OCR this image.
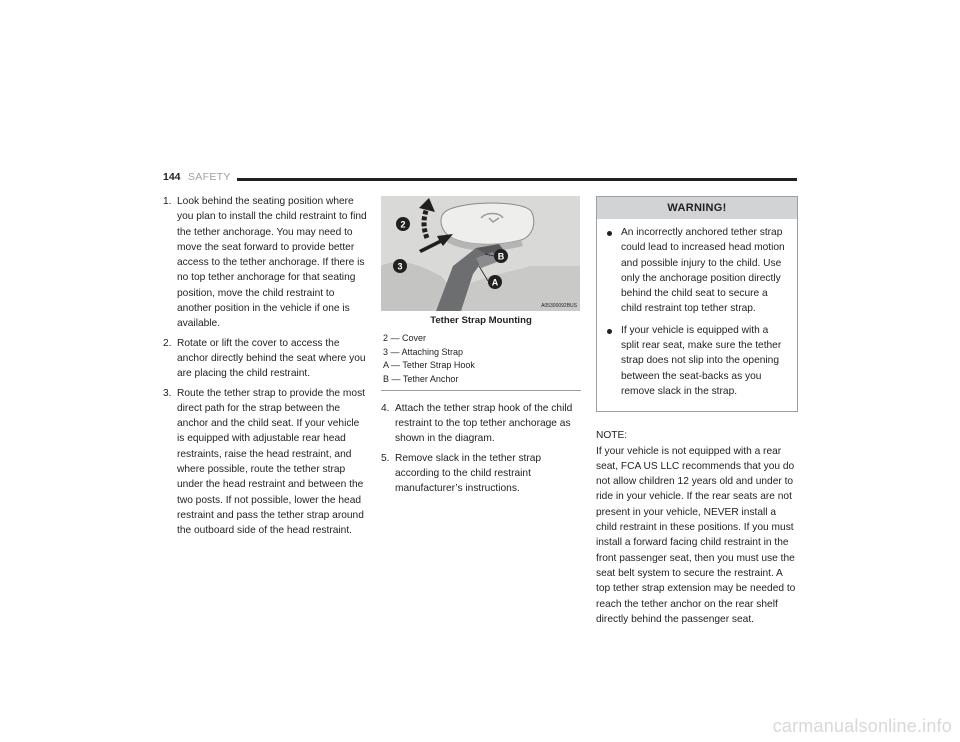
144 SAFETY
1. Look behind the seating position where you plan to install the child restraint to find the tether anchorage. You may need to move the seat forward to provide better access to the tether anchorage. If there is no top tether anchorage for that seating position, move the child restraint to another position in the vehicle if one is available.
2. Rotate or lift the cover to access the anchor directly behind the seat where you are placing the child restraint.
3. Route the tether strap to provide the most direct path for the strap between the anchor and the child seat. If your vehicle is equipped with adjustable rear head restraints, raise the head restraint, and where possible, route the tether strap under the head restraint and between the two posts. If not possible, lower the head restraint and pass the tether strap around the outboard side of the head restraint.
2
3
B
A
A05300092BUS
Tether Strap Mounting
2 — Cover
3 — Attaching Strap
A — Tether Strap Hook
B — Tether Anchor
4. Attach the tether strap hook of the child restraint to the top tether anchorage as shown in the diagram.
5. Remove slack in the tether strap according to the child restraint manufacturer’s instructions.
WARNING!
An incorrectly anchored tether strap could lead to increased head motion and possible injury to the child. Use only the anchorage position directly behind the child seat to secure a child restraint top tether strap.
If your vehicle is equipped with a split rear seat, make sure the tether strap does not slip into the opening between the seat-backs as you remove slack in the strap.
NOTE:
If your vehicle is not equipped with a rear seat, FCA US LLC recommends that you do not allow children 12 years old and under to ride in your vehicle. If the rear seats are not present in your vehicle, NEVER install a child restraint in these positions. If you must install a forward facing child restraint in the front passenger seat, then you must use the seat belt system to secure the restraint. A top tether strap extension may be needed to reach the tether anchor on the rear shelf directly behind the passenger seat.
carmanualsonline.info
